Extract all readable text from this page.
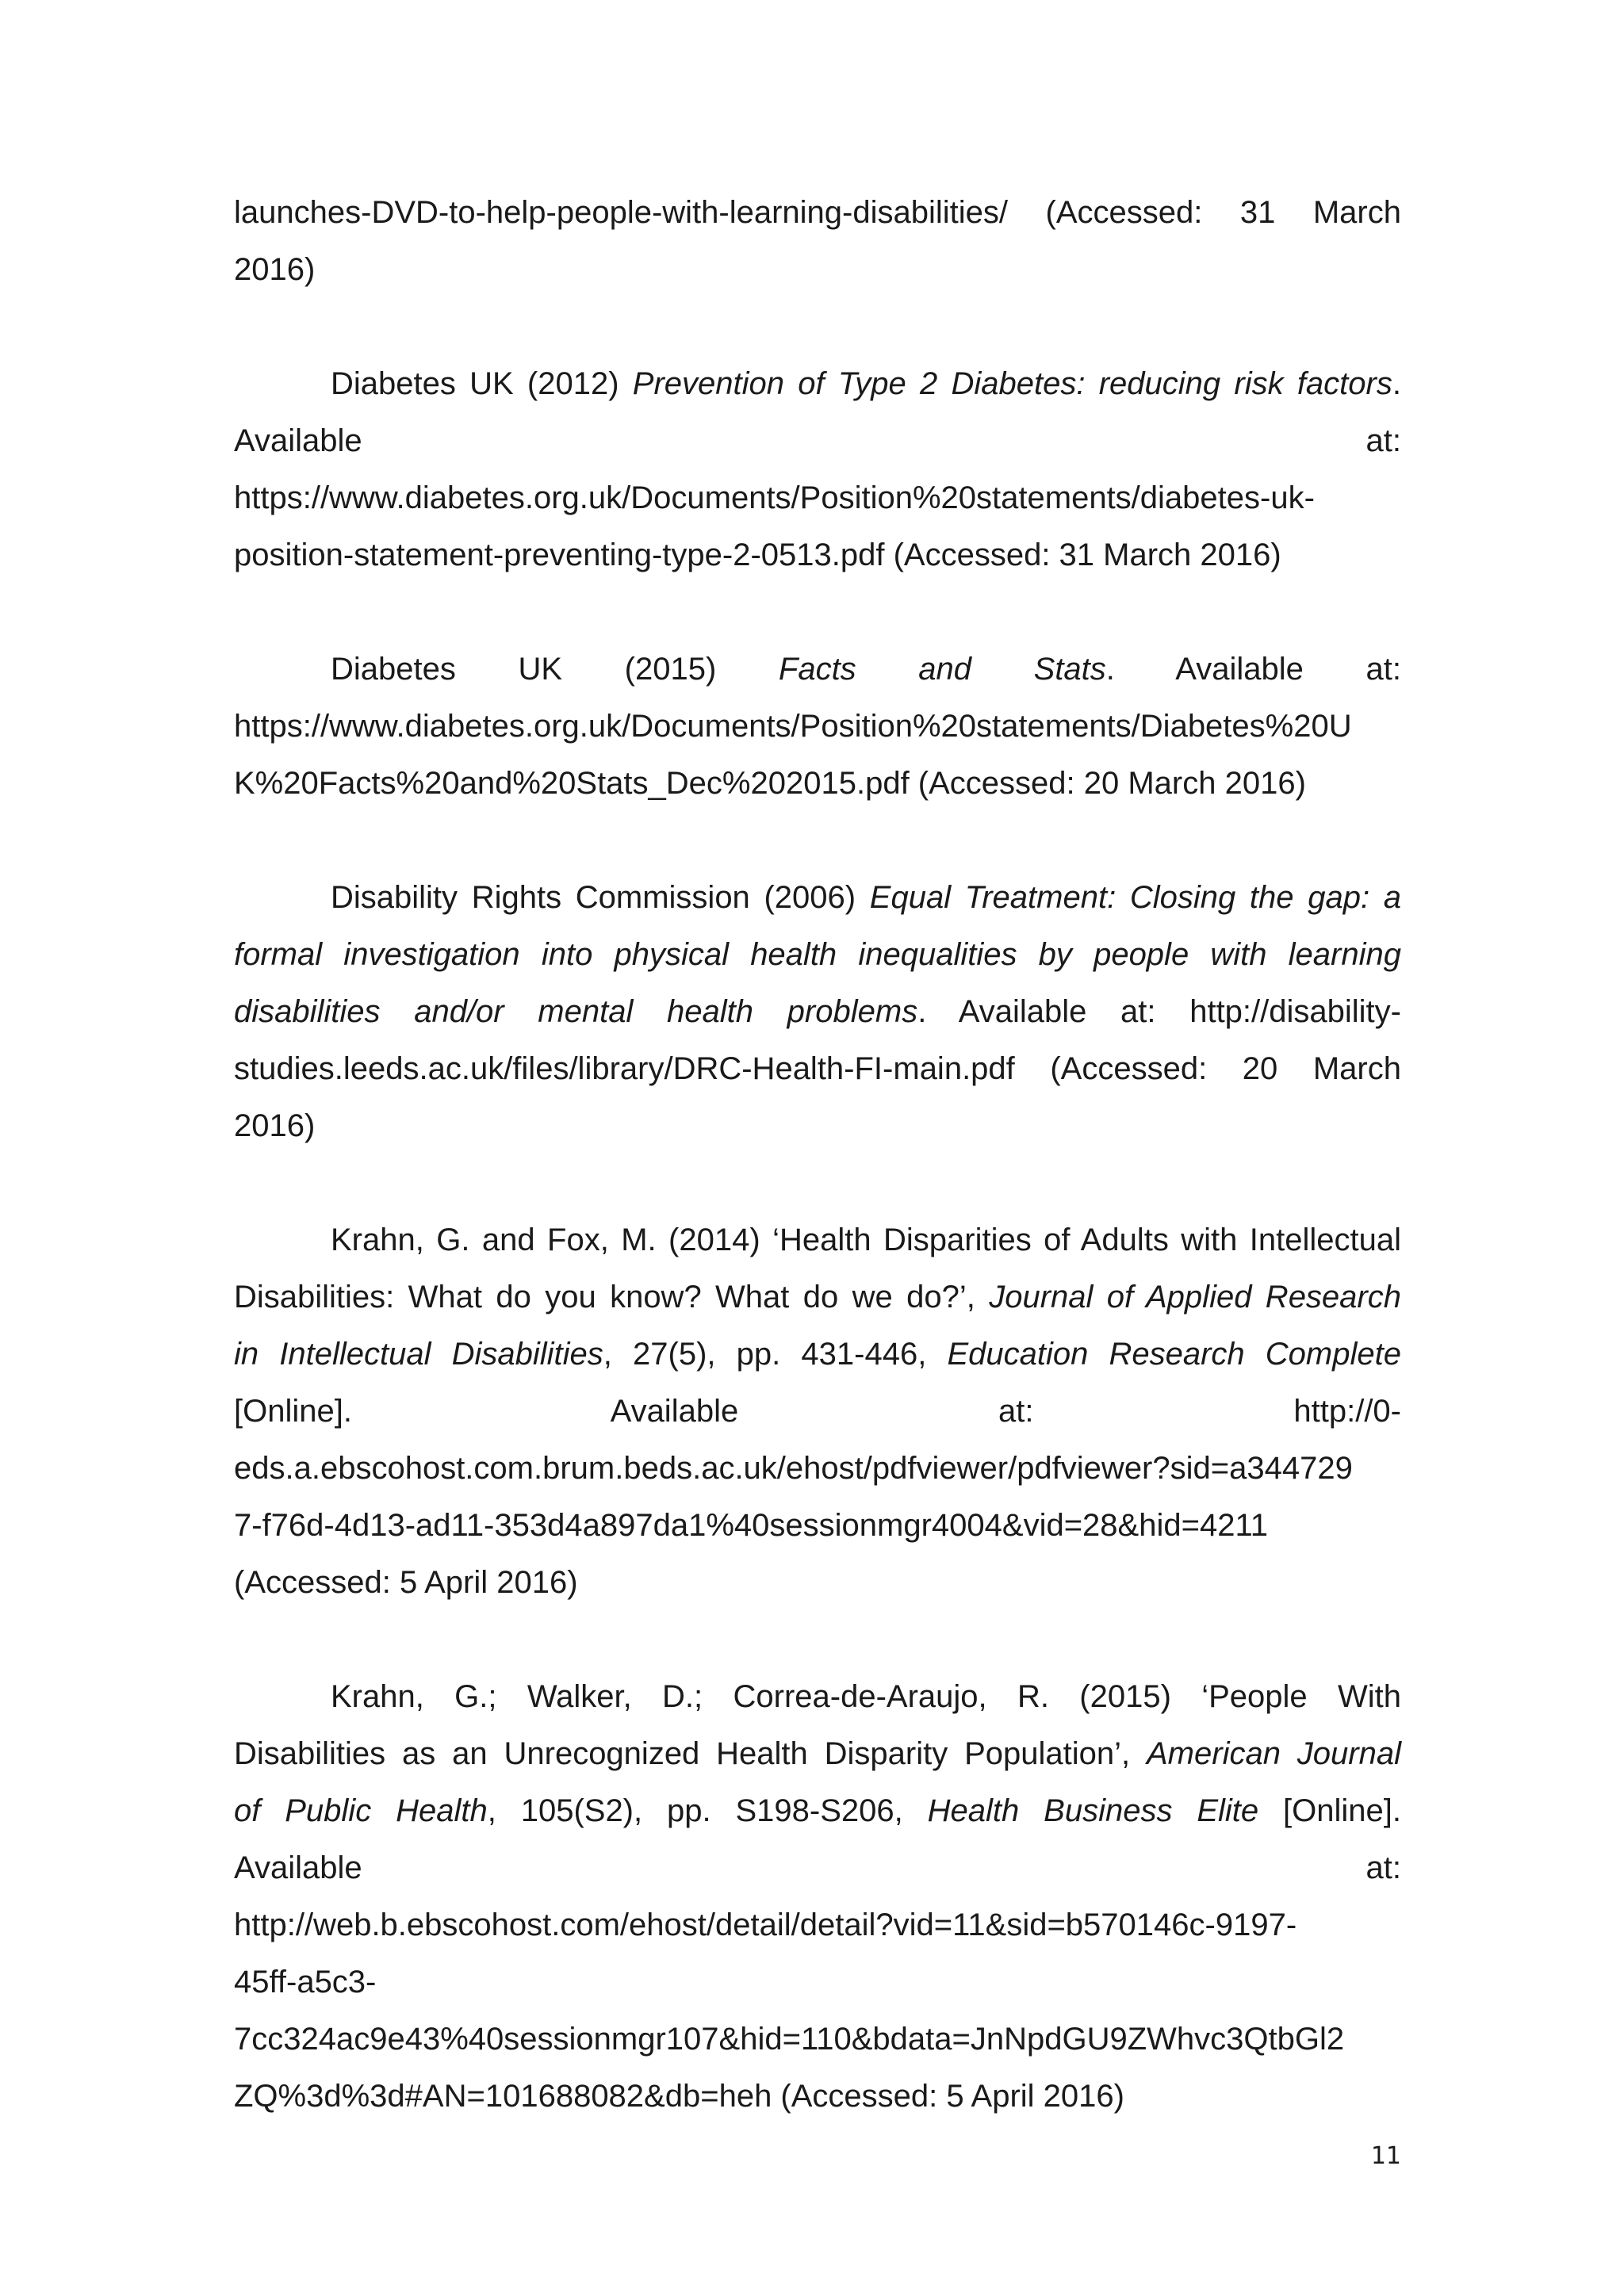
launches-DVD-to-help-people-with-learning-disabilities/ (Accessed: 31 March
2016)
Diabetes UK (2012) Prevention of Type 2 Diabetes: reducing risk factors.
Available at:
https://www.diabetes.org.uk/Documents/Position%20statements/diabetes-uk-
position-statement-preventing-type-2-0513.pdf (Accessed: 31 March 2016)
Diabetes UK (2015) Facts and Stats. Available at:
https://www.diabetes.org.uk/Documents/Position%20statements/Diabetes%20U
K%20Facts%20and%20Stats_Dec%202015.pdf (Accessed: 20 March 2016)
Disability Rights Commission (2006) Equal Treatment: Closing the gap: a
formal investigation into physical health inequalities by people with learning
disabilities and/or mental health problems. Available at: http://disability-
studies.leeds.ac.uk/files/library/DRC-Health-FI-main.pdf (Accessed: 20 March
2016)
Krahn, G. and Fox, M. (2014) ‘Health Disparities of Adults with Intellectual
Disabilities: What do you know? What do we do?’, Journal of Applied Research
in Intellectual Disabilities, 27(5), pp. 431-446, Education Research Complete
[Online]. Available at: http://0-
eds.a.ebscohost.com.brum.beds.ac.uk/ehost/pdfviewer/pdfviewer?sid=a344729
7-f76d-4d13-ad11-353d4a897da1%40sessionmgr4004&vid=28&hid=4211
(Accessed: 5 April 2016)
Krahn, G.; Walker, D.; Correa-de-Araujo, R. (2015) ‘People With
Disabilities as an Unrecognized Health Disparity Population’, American Journal
of Public Health, 105(S2), pp. S198-S206, Health Business Elite [Online].
Available at:
http://web.b.ebscohost.com/ehost/detail/detail?vid=11&sid=b570146c-9197-
45ff-a5c3-
7cc324ac9e43%40sessionmgr107&hid=110&bdata=JnNpdGU9ZWhvc3QtbGl2
ZQ%3d%3d#AN=101688082&db=heh (Accessed: 5 April 2016)
11
